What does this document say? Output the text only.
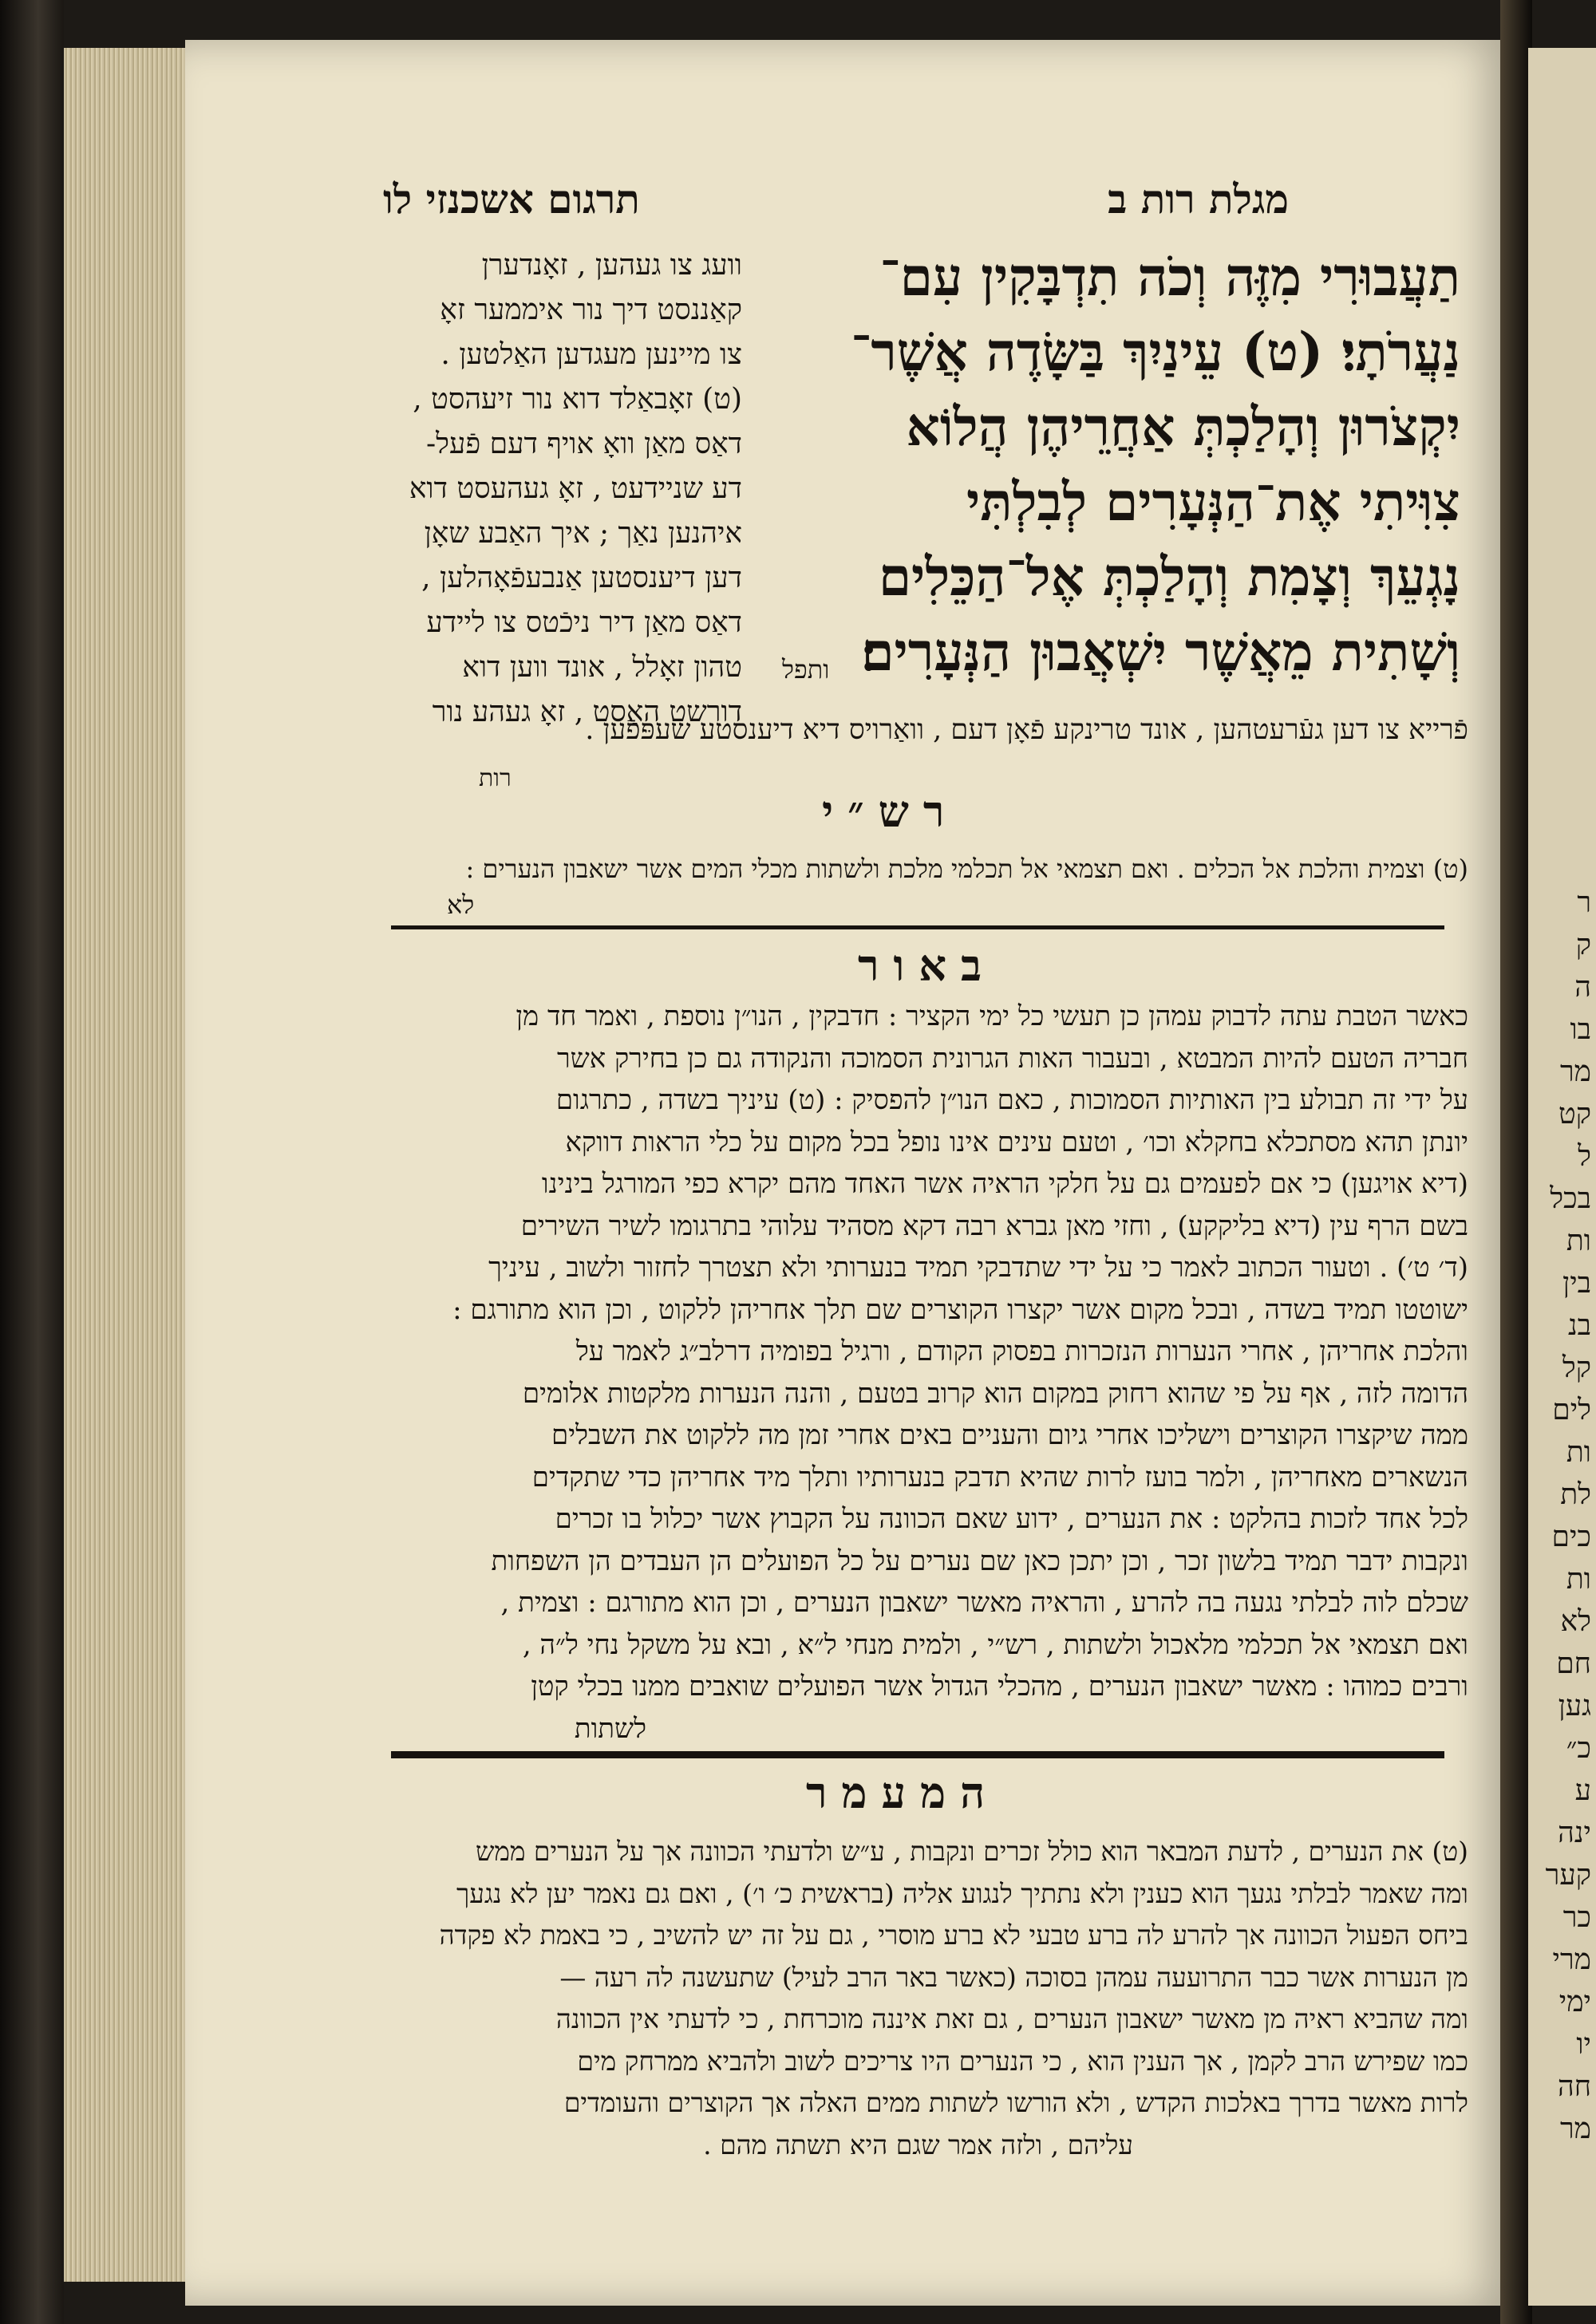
ר
ק
ה
בו
מר
קט
ל
בכל
ות
בין
בנ
קל
לים
ות
לת
כים
ות
לא
חם
גען
כ״
ע
ינה
קער
כר
מרי
ימי
יו
חה
מר
מגלת רות ב
תרגום אשכנזי לו
תַעֲבוּרִי מִזֶּה וְכֹה תִדְבָּקִין עִם־
נַעֲרֹתָי׃ (ט) עֵינַיִךְ בַּשָּׂדֶה אֲשֶׁר־
יִקְצֹרוּן וְהָלַכְתְּ אַחֲרֵיהֶן הֲלוֹא
צִוִּיתִי אֶת־הַנְּעָרִים לְבִלְתִּי
נָגְעֵךְ וְצָמִת וְהָלַכְתְּ אֶל־הַכֵּלִים
וְשָׁתִית מֵאֲשֶׁר יִשְׁאֲבוּן הַנְּעָרִים׃
ותפל
וועג צו געהען , זאָנדערן
קאַננסט דיך נור איממער זאָ
צו מיינען מעגדען האַלטען .
(ט) זאָבאַלד דוא נור זיעהסט ,
דאַס מאַן וואָ אויף דעם פֿעל-
דע שניידעט , זאָ געהעסט דוא
איהנען נאַך ; איך האַבע שאָן
דען דיענסטען אַנבעפֿאָהלען ,
דאַס מאַן דיר ניכֿטס צו ליידע
טהון זאָלל , אונד ווען דוא
דורשט האַסט , זאָ געהע נור
פֿרייא צו דען געֿרעטהען , אונד טרינקע פֿאָן דעם , וואַרויס דיא דיענסטע שעפּפֿען .
רות
רש״י
(ט) וצמית והלכת אל הכלים . ואם תצמאי אל תכלמי מלכת ולשתות מכלי המים אשר ישאבון הנערים :
לא
באור
כאשר הטבת עתה לדבוק עמהן כן תעשי כל ימי הקציר : חדבקין , הנו״ן נוספת , ואמר חד מן
חבריה הטעם להיות המבטא , ובעבור האות הגרונית הסמוכה והנקודה גם כן בחירק אשר
על ידי זה תבולע בין האותיות הסמוכות , כאם הנו״ן להפסיק : (ט) עיניך בשדה , כתרגום
יונתן תהא מסתכלא בחקלא וכו׳ , וטעם עינים אינו נופל בכל מקום על כלי הראות דווקא
(דיא אויגען) כי אם לפעמים גם על חלקי הראיה אשר האחד מהם יקרא כפי המורגל בינינו
בשם הרף עין (דיא בליקקע) , וחזי מאן גברא רבה דקא מסהיד עלוהי בתרגומו לשיר השירים
(ד׳ ט׳) . וטעור הכתוב לאמר כי על ידי שתדבקי תמיד בנערותי ולא תצטרך לחזור ולשוב , עיניך
ישוטטו תמיד בשדה , ובכל מקום אשר יקצרו הקוצרים שם תלך אחריהן ללקוט , וכן הוא מתורגם :
והלכת אחריהן , אחרי הנערות הנזכרות בפסוק הקודם , ורגיל בפומיה דרלב״ג לאמר על
הדומה לזה , אף על פי שהוא רחוק במקום הוא קרוב בטעם , והנה הנערות מלקטות אלומים
ממה שיקצרו הקוצרים וישליכו אחרי גיום והעניים באים אחרי זמן מה ללקוט את השבלים
הנשארים מאחריהן , ולמר בועז לרות שהיא תדבק בנערותיו ותלך מיד אחריהן כדי שתקדים
לכל אחד לזכות בהלקט : את הנערים , ידוע שאם הכוונה על הקבוץ אשר יכלול בו זכרים
ונקבות ידבר תמיד בלשון זכר , וכן יתכן כאן שם נערים על כל הפועלים הן העבדים הן השפחות
שכלם לוה לבלתי נגעה בה להרע , והראיה מאשר ישאבון הנערים , וכן הוא מתורגם : וצמית ,
ואם תצמאי אל תכלמי מלאכול ולשתות , רש״י , ולמית מנחי ל״א , ובא על משקל נחי ל״ה ,
ורבים כמוהו : מאשר ישאבון הנערים , מהכלי הגדול אשר הפועלים שואבים ממנו בכלי קטן
לשתות
המעמר
(ט) את הנערים , לדעת המבאר הוא כולל זכרים ונקבות , ע״ש ולדעתי הכוונה אך על הנערים ממש
ומה שאמר לבלתי נגעך הוא כענין ולא נתתיך לנגוע אליה (בראשית כ׳ ו׳) , ואם גם נאמר יען לא נגעך
ביחס הפעול הכוונה אך להרע לה ברע טבעי לא ברע מוסרי , גם על זה יש להשיב , כי באמת לא פקדה
מן הנערות אשר כבר התרועעה עמהן בסוכה (כאשר באר הרב לעיל) שתעשנה לה רעה —
ומה שהביא ראיה מן מאשר ישאבון הנערים , גם זאת איננה מוכרחת , כי לדעתי אין הכוונה
כמו שפירש הרב לקמן , אך הענין הוא , כי הנערים היו צריכים לשוב ולהביא ממרחק מים
לרות מאשר בדרך באלכות הקדש , ולא הורשו לשתות ממים האלה אך הקוצרים והעומדים
עליהם , ולזה אמר שגם היא תשתה מהם .
